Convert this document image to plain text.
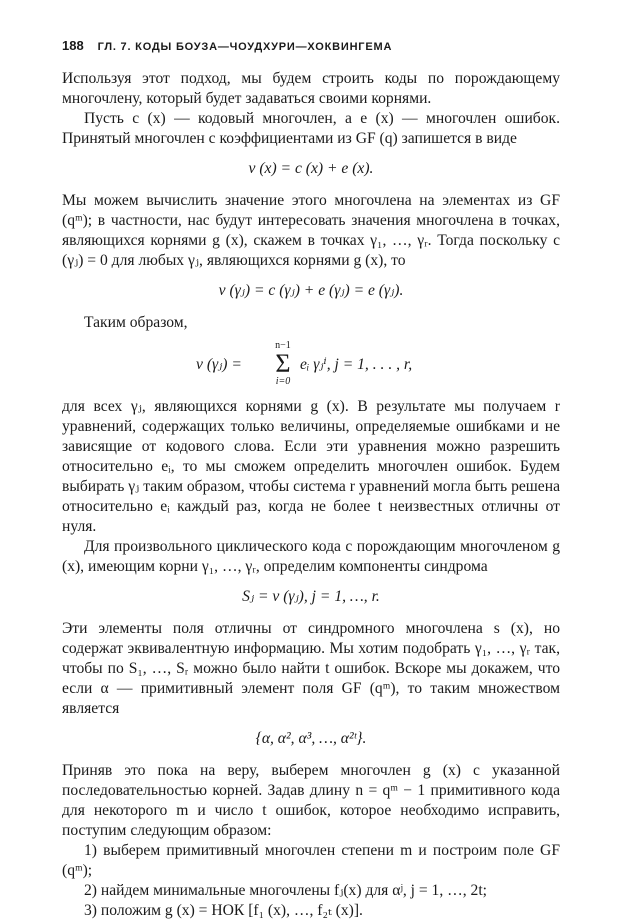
188 ГЛ. 7. КОДЫ БОУЗА—ЧОУДХУРИ—ХОКВИНГЕМА

Используя этот подход, мы будем строить коды по порождающему многочлену, который будет задаваться своими корнями.

Пусть c (x) — кодовый многочлен, а e (x) — многочлен ошибок. Принятый многочлен с коэффициентами из GF (q) запишется в виде

v (x) = c (x) + e (x).

Мы можем вычислить значение этого многочлена на элементах из GF (qᵐ); в частности, нас будут интересовать значения многочлена в точках, являющихся корнями g (x), скажем в точках γ₁, …, γᵣ. Тогда поскольку c (γⱼ) = 0 для любых γⱼ, являющихся корнями g (x), то

v (γⱼ) = c (γⱼ) + e (γⱼ) = e (γⱼ).

Таким образом,

v (γⱼ) =
n−1
Σ
i=0
eᵢ γⱼⁱ, j = 1, . . . , r,

для всех γⱼ, являющихся корнями g (x). В результате мы получаем r уравнений, содержащих только величины, определяемые ошибками и не зависящие от кодового слова. Если эти уравнения можно разрешить относительно eᵢ, то мы сможем определить многочлен ошибок. Будем выбирать γⱼ таким образом, чтобы система r уравнений могла быть решена относительно eᵢ каждый раз, когда не более t неизвестных отличны от нуля.

Для произвольного циклического кода с порождающим многочленом g (x), имеющим корни γ₁, …, γᵣ, определим компоненты синдрома

Sⱼ = v (γⱼ), j = 1, …, r.

Эти элементы поля отличны от синдромного многочлена s (x), но содержат эквивалентную информацию. Мы хотим подобрать γ₁, …, γᵣ так, чтобы по S₁, …, Sᵣ можно было найти t ошибок. Вскоре мы докажем, что если α — примитивный элемент поля GF (qᵐ), то таким множеством является

{α, α², α³, …, α²ᵗ}.

Приняв это пока на веру, выберем многочлен g (x) с указанной последовательностью корней. Задав длину n = qᵐ − 1 примитивного кода для некоторого m и число t ошибок, которое необходимо исправить, поступим следующим образом:

1) выберем примитивный многочлен степени m и построим поле GF (qᵐ);

2) найдем минимальные многочлены fⱼ(x) для αʲ, j = 1, …, 2t;

3) положим g (x) = НОК [f₁ (x), …, f₂ₜ (x)].
